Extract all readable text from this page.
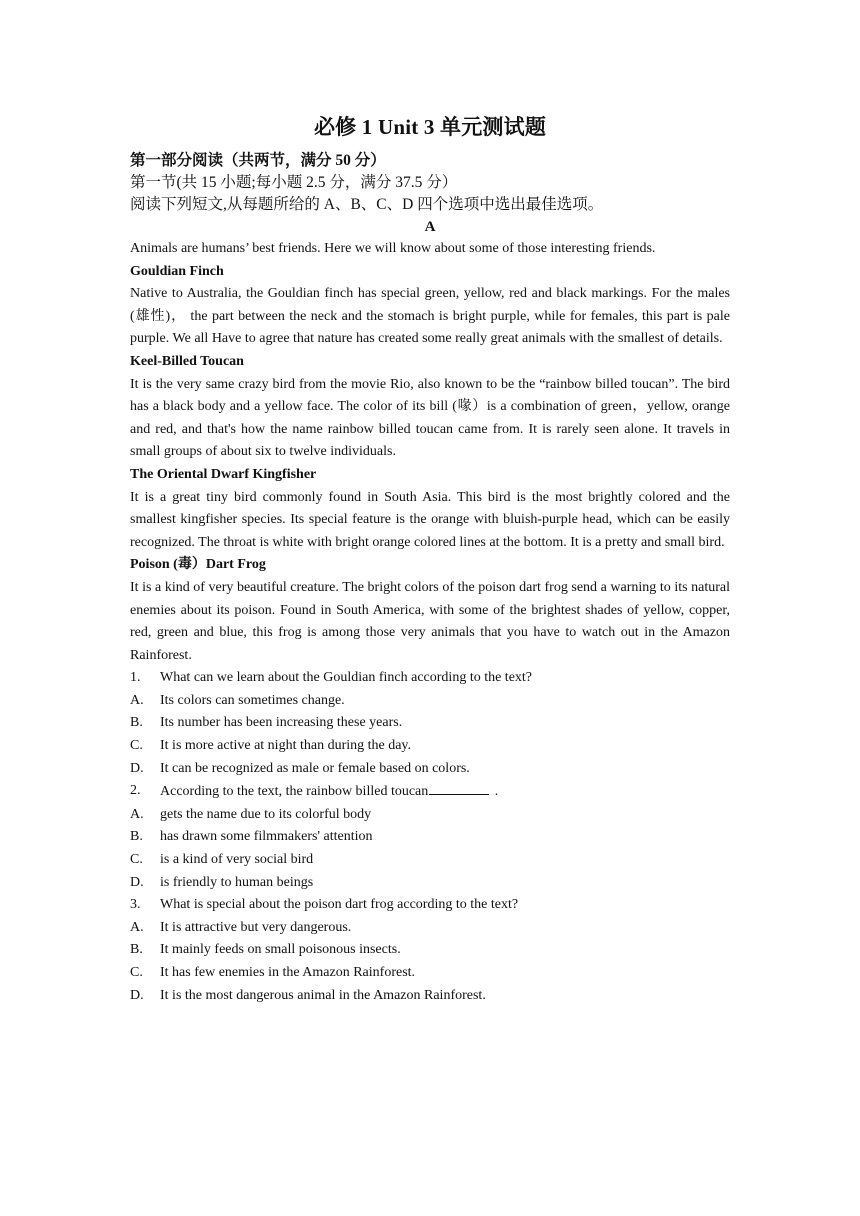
必修 1 Unit 3 单元测试题
第一部分阅读（共两节，满分 50 分）
第一节(共 15 小题;每小题 2.5 分，满分 37.5 分）
阅读下列短文,从每题所给的 A、B、C、D 四个选项中选出最佳选项。
A

Animals are humans’ best friends. Here we will know about some of those interesting friends.

Gouldian Finch

Native to Australia, the Gouldian finch has special green, yellow, red and black markings. For the males (雄性)， the part between the neck and the stomach is bright purple, while for females, this part is pale purple. We all Have to agree that nature has created some really great animals with the smallest of details.

Keel-Billed Toucan

It is the very same crazy bird from the movie Rio, also known to be the “rainbow billed toucan”. The bird has a black body and a yellow face. The color of its bill (喙）is a combination of green，yellow, orange and red, and that's how the name rainbow billed toucan came from. It is rarely seen alone. It travels in small groups of about six to twelve individuals.

The Oriental Dwarf Kingfisher

It is a great tiny bird commonly found in South Asia. This bird is the most brightly colored and the smallest kingfisher species. Its special feature is the orange with bluish-purple head, which can be easily recognized. The throat is white with bright orange colored lines at the bottom. It is a pretty and small bird.

Poison (毒）Dart Frog

It is a kind of very beautiful creature. The bright colors of the poison dart frog send a warning to its natural enemies about its poison. Found in South America, with some of the brightest shades of yellow, copper, red, green and blue, this frog is among those very animals that you have to watch out in the Amazon Rainforest.

1.	What can we learn about the Gouldian finch according to the text?
A.	Its colors can sometimes change.
B.	Its number has been increasing these years.
C.	It is more active at night than during the day.
D.	It can be recognized as male or female based on colors.
2.	According to the text, the rainbow billed toucan	.
A.	gets the name due to its colorful body
B.	has drawn some filmmakers' attention
C.	is a kind of very social bird
D.	is friendly to human beings
3.	What is special about the poison dart frog according to the text?
A.	It is attractive but very dangerous.
B.	It mainly feeds on small poisonous insects.
C.	It has few enemies in the Amazon Rainforest.
D.	It is the most dangerous animal in the Amazon Rainforest.
